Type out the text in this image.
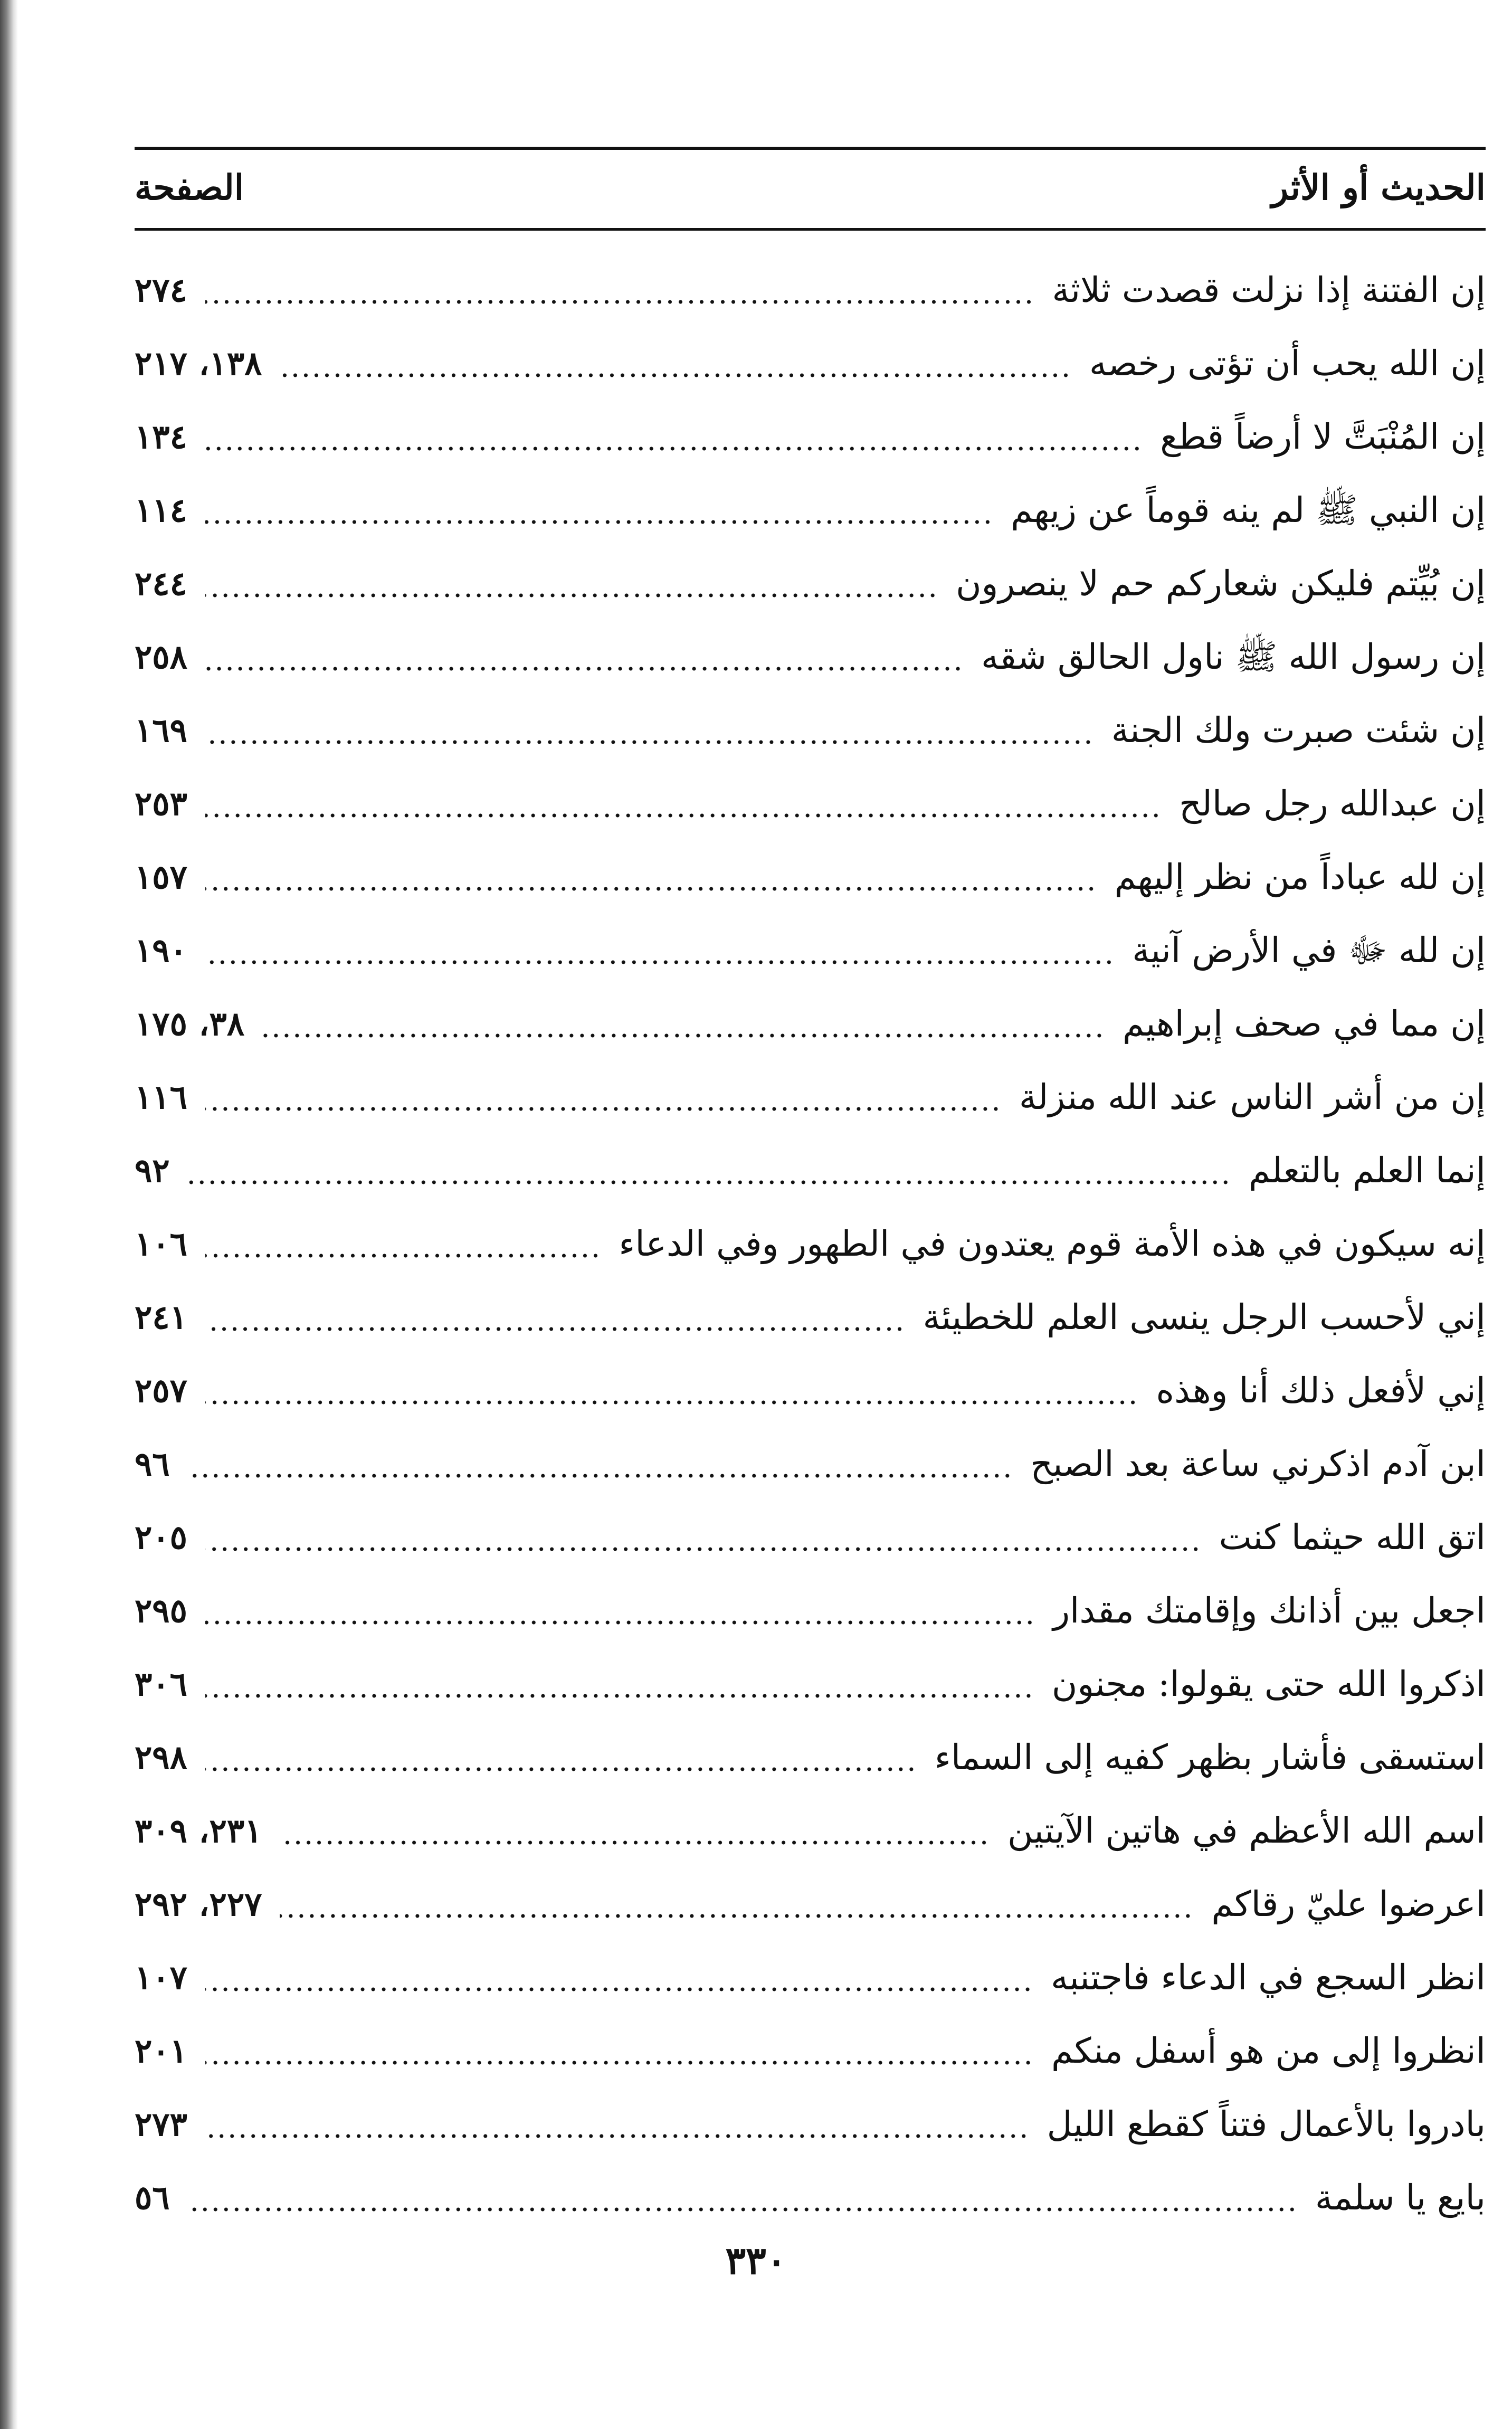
الحديث أو الأثر
الصفحة
إن الفتنة إذا نزلت قصدت ثلاثة
٢٧٤
إن الله يحب أن تؤتى رخصه
١٣٨، ٢١٧
إن المُنْبَتَّ لا أرضاً قطع
١٣٤
إن النبي ﷺ لم ينه قوماً عن زيهم
١١٤
إن بُيِّتم فليكن شعاركم حم لا ينصرون
٢٤٤
إن رسول الله ﷺ ناول الحالق شقه
٢٥٨
إن شئت صبرت ولك الجنة
١٦٩
إن عبدالله رجل صالح
٢٥٣
إن لله عباداً من نظر إليهم
١٥٧
إن لله ﷻ في الأرض آنية
١٩٠
إن مما في صحف إبراهيم
٣٨، ١٧٥
إن من أشر الناس عند الله منزلة
١١٦
إنما العلم بالتعلم
٩٢
إنه سيكون في هذه الأمة قوم يعتدون في الطهور وفي الدعاء
١٠٦
إني لأحسب الرجل ينسى العلم للخطيئة
٢٤١
إني لأفعل ذلك أنا وهذه
٢٥٧
ابن آدم اذكرني ساعة بعد الصبح
٩٦
اتق الله حيثما كنت
٢٠٥
اجعل بين أذانك وإقامتك مقدار
٢٩٥
اذكروا الله حتى يقولوا: مجنون
٣٠٦
استسقى فأشار بظهر كفيه إلى السماء
٢٩٨
اسم الله الأعظم في هاتين الآيتين
٢٣١، ٣٠٩
اعرضوا عليّ رقاكم
٢٢٧، ٢٩٢
انظر السجع في الدعاء فاجتنبه
١٠٧
انظروا إلى من هو أسفل منكم
٢٠١
بادروا بالأعمال فتناً كقطع الليل
٢٧٣
بايع يا سلمة
٥٦
٣٣٠
